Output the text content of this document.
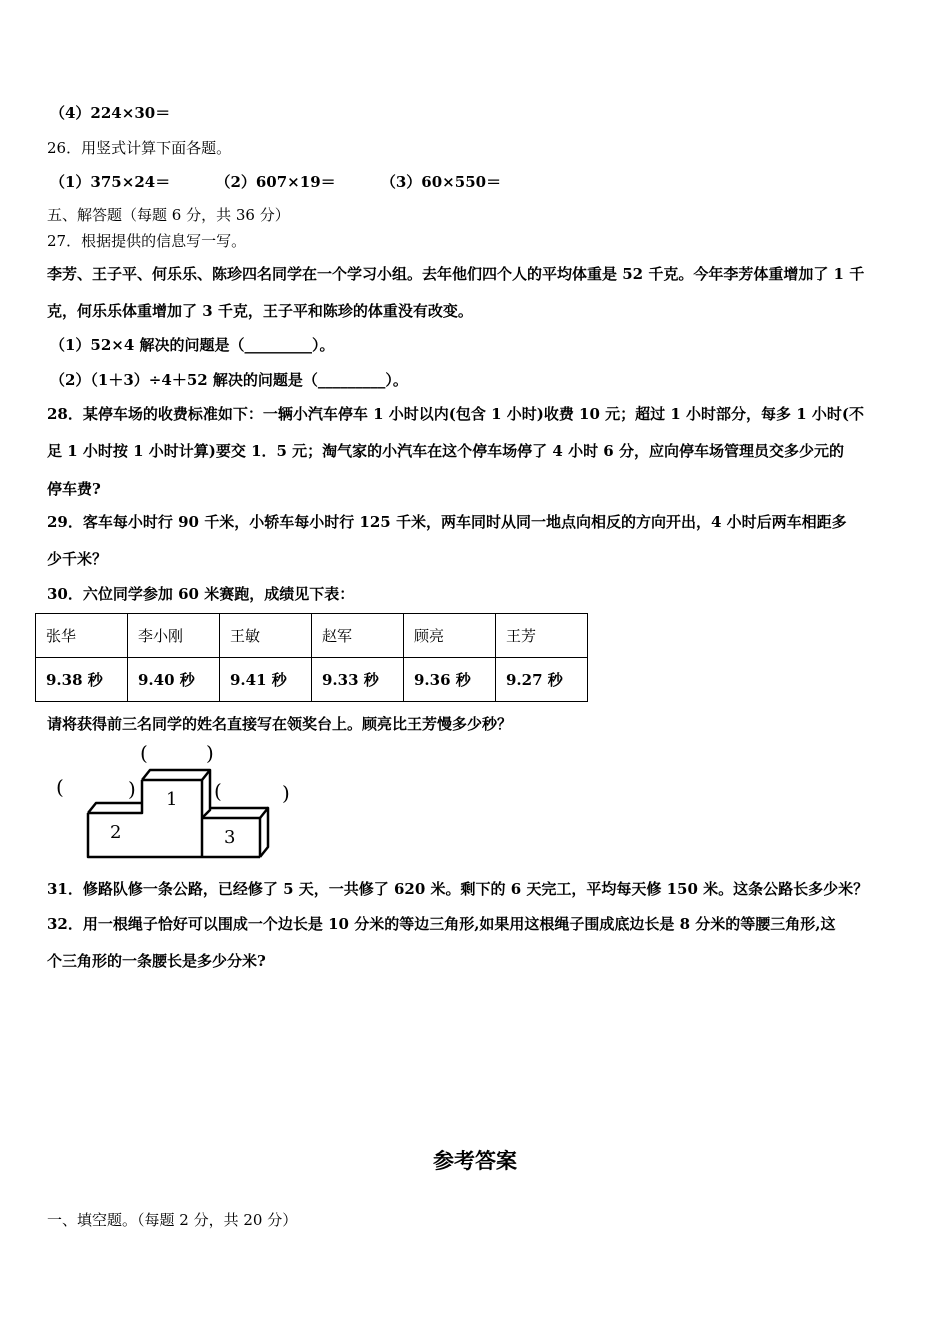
（4）224×30＝
26．用竖式计算下面各题。
（1）375×24＝	（2）607×19＝	（3）60×550＝
五、解答题（每题 6 分，共 36 分）
27．根据提供的信息写一写。
李芳、王子平、何乐乐、陈珍四名同学在一个学习小组。去年他们四个人的平均体重是 52 千克。今年李芳体重增加了 1 千
克，何乐乐体重增加了 3 千克，王子平和陈珍的体重没有改变。
（1）52×4 解决的问题是（_________）。
（2）（1＋3）÷4＋52 解决的问题是（_________）。
28．某停车场的收费标准如下：一辆小汽车停车 1 小时以内(包含 1 小时)收费 10 元；超过 1 小时部分，每多 1 小时(不
足 1 小时按 1 小时计算)要交 1．5 元；淘气家的小汽车在这个停车场停了 4 小时 6 分，应向停车场管理员交多少元的
停车费?
29．客车每小时行 90 千米，小轿车每小时行 125 千米，两车同时从同一地点向相反的方向开出，4 小时后两车相距多
少千米？
30．六位同学参加 60 米赛跑，成绩见下表：
张华	李小刚	王敏	赵军	顾亮	王芳
9.38 秒	9.40 秒	9.41 秒	9.33 秒	9.36 秒	9.27 秒
请将获得前三名同学的姓名直接写在领奖台上。顾亮比王芳慢多少秒？
1
2	3
(	)
(	)	(	)
31．修路队修一条公路，已经修了 5 天，一共修了 620 米。剩下的 6 天完工，平均每天修 150 米。这条公路长多少米？
32．用一根绳子恰好可以围成一个边长是 10 分米的等边三角形,如果用这根绳子围成底边长是 8 分米的等腰三角形,这
个三角形的一条腰长是多少分米?
参考答案
一、填空题。（每题 2 分，共 20 分）
